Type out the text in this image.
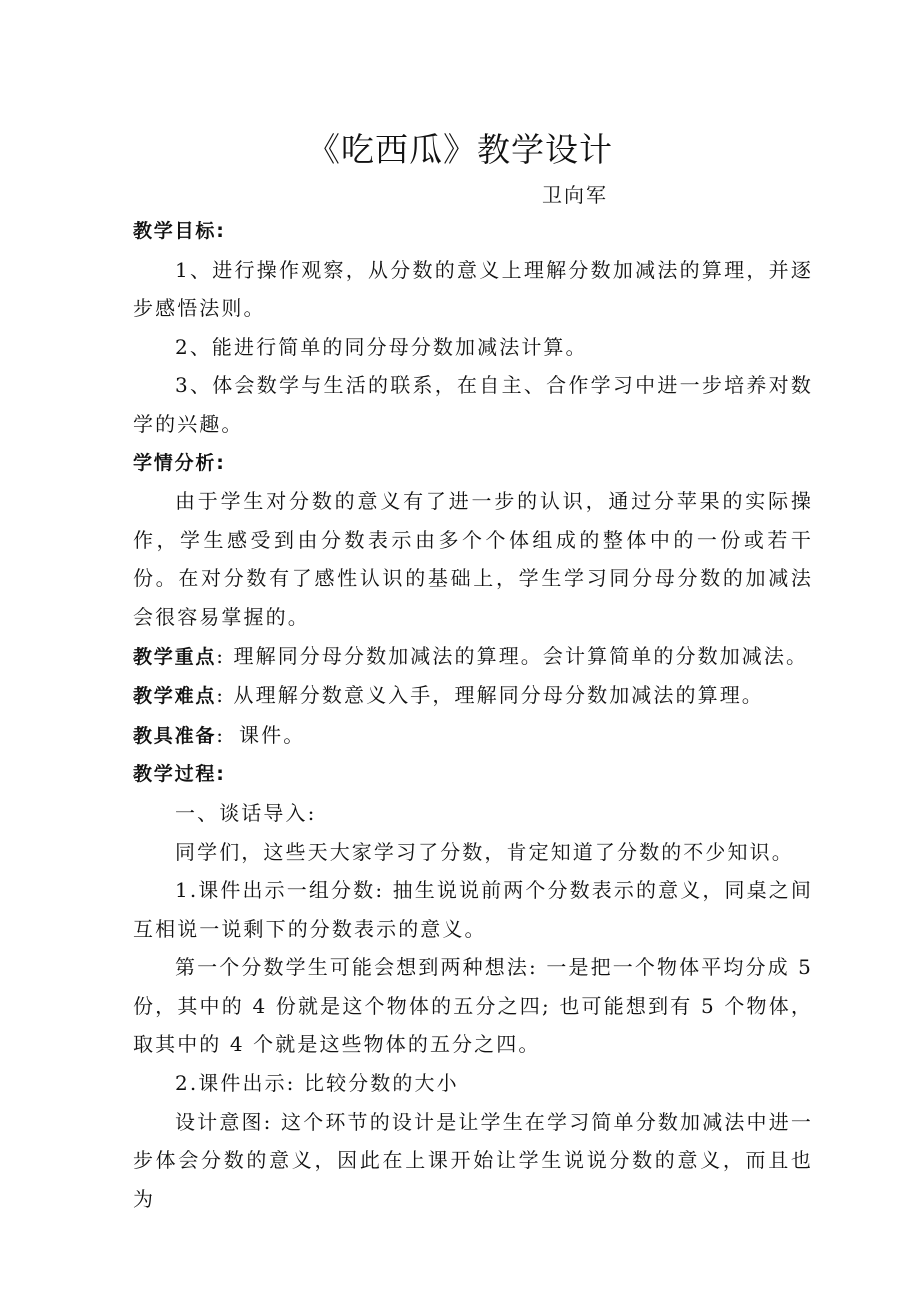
《吃西瓜》教学设计
卫向军

教学目标:

1、进行操作观察，从分数的意义上理解分数加减法的算理，并逐步感悟法则。

2、能进行简单的同分母分数加减法计算。

3、体会数学与生活的联系，在自主、合作学习中进一步培养对数学的兴趣。

学情分析:

由于学生对分数的意义有了进一步的认识，通过分苹果的实际操作，学生感受到由分数表示由多个个体组成的整体中的一份或若干份。在对分数有了感性认识的基础上，学生学习同分母分数的加减法会很容易掌握的。

教学重点: 理解同分母分数加减法的算理。会计算简单的分数加减法。

教学难点: 从理解分数意义入手，理解同分母分数加减法的算理。

教具准备: 课件。

教学过程:

一、谈话导入:

同学们，这些天大家学习了分数，肯定知道了分数的不少知识。

1.课件出示一组分数: 抽生说说前两个分数表示的意义，同桌之间互相说一说剩下的分数表示的意义。

第一个分数学生可能会想到两种想法: 一是把一个物体平均分成 5 份，其中的 4 份就是这个物体的五分之四; 也可能想到有 5 个物体，取其中的 4 个就是这些物体的五分之四。

2.课件出示: 比较分数的大小

设计意图: 这个环节的设计是让学生在学习简单分数加减法中进一步体会分数的意义，因此在上课开始让学生说说分数的意义，而且也为
